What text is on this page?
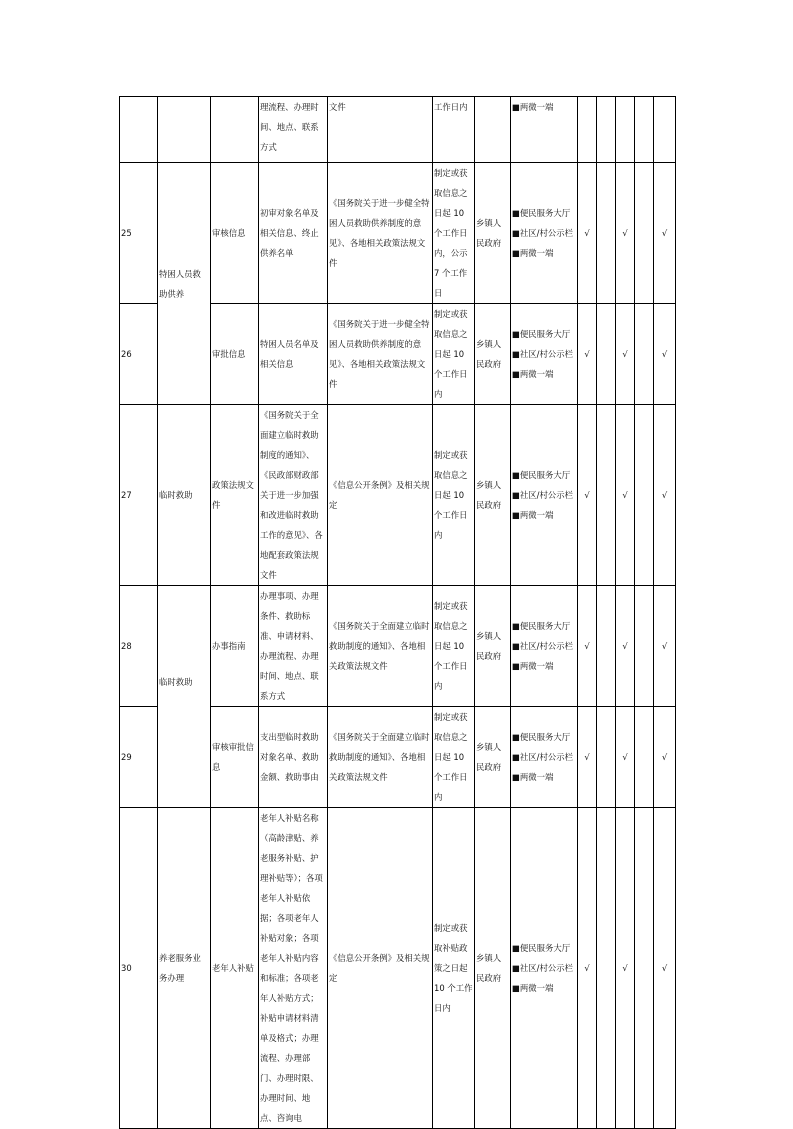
			理流程、办理时间、地点、联系方式	文件	工作日内		■两微一端					
25	特困人员救助供养	审核信息	初审对象名单及相关信息、终止供养名单	《国务院关于进一步健全特困人员救助供养制度的意见》、各地相关政策法规文件	制定或获取信息之日起 10 个工作日内，公示 7 个工作日	乡镇人民政府	■便民服务大厅■社区/村公示栏■两微一端	√		√		√
26		审批信息	特困人员名单及相关信息	《国务院关于进一步健全特困人员救助供养制度的意见》、各地相关政策法规文件	制定或获取信息之日起 10 个工作日内	乡镇人民政府	■便民服务大厅■社区/村公示栏■两微一端	√		√		√
27	临时救助	政策法规文件	《国务院关于全面建立临时救助制度的通知》、《民政部财政部关于进一步加强和改进临时救助工作的意见》、各地配套政策法规文件	《信息公开条例》及相关规定	制定或获取信息之日起 10 个工作日内	乡镇人民政府	■便民服务大厅■社区/村公示栏■两微一端	√		√		√
28	临时救助	办事指南	办理事项、办理条件、救助标准、申请材料、办理流程、办理时间、地点、联系方式	《国务院关于全面建立临时救助制度的通知》、各地相关政策法规文件	制定或获取信息之日起 10 个工作日内	乡镇人民政府	■便民服务大厅■社区/村公示栏■两微一端	√		√		√
29		审核审批信息	支出型临时救助对象名单、救助金额、救助事由	《国务院关于全面建立临时救助制度的通知》、各地相关政策法规文件	制定或获取信息之日起 10 个工作日内	乡镇人民政府	■便民服务大厅■社区/村公示栏■两微一端	√		√		√
30	养老服务业务办理	老年人补贴	老年人补贴名称（高龄津贴、养老服务补贴、护理补贴等）；各项老年人补贴依据；各项老年人补贴对象；各项老年人补贴内容和标准；各项老年人补贴方式；补贴申请材料清单及格式；办理流程、办理部门、办理时限、办理时间、地点、咨询电	《信息公开条例》及相关规定	制定或获取补贴政策之日起 10 个工作日内	乡镇人民政府	■便民服务大厅■社区/村公示栏■两微一端	√		√		√
